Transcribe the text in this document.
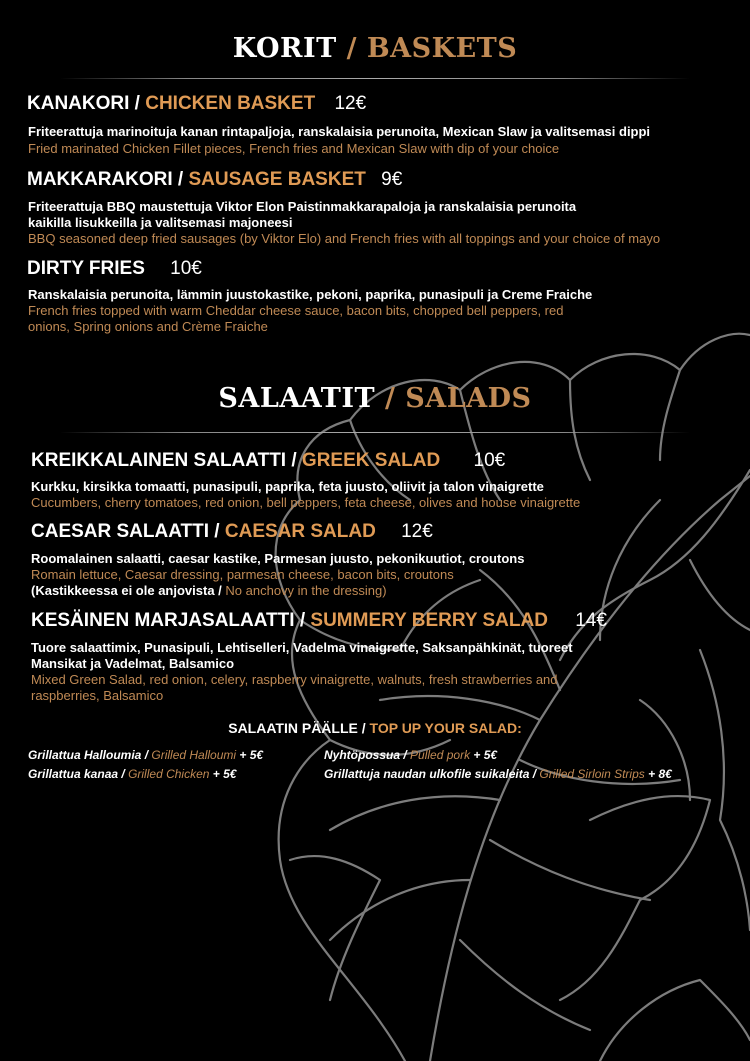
KORIT / BASKETS
KANAKORI / CHICKEN BASKET 12€
Friteerattuja marinoituja kanan rintapaljoja, ranskalaisia perunoita, Mexican Slaw ja valitsemasi dippi
Fried marinated Chicken Fillet pieces, French fries and Mexican Slaw with dip of your choice
MAKKARAKORI / SAUSAGE BASKET 9€
Friteerattuja BBQ maustettuja Viktor Elon Paistinmakkarapaloja ja ranskalaisia perunoita
kaikilla lisukkeilla ja valitsemasi majoneesi
BBQ seasoned deep fried sausages (by Viktor Elo) and French fries with all toppings and your choice of mayo
DIRTY FRIES 10€
Ranskalaisia perunoita, lämmin juustokastike, pekoni, paprika, punasipuli ja Creme Fraiche
French fries topped with warm Cheddar cheese sauce, bacon bits, chopped bell peppers, red
onions, Spring onions and Crème Fraiche
SALAATIT / SALADS
KREIKKALAINEN SALAATTI / GREEK SALAD 10€
Kurkku, kirsikka tomaatti, punasipuli, paprika, feta juusto, oliivit ja talon vinaigrette
Cucumbers, cherry tomatoes, red onion, bell peppers, feta cheese, olives and house vinaigrette
CAESAR SALAATTI / CAESAR SALAD 12€
Roomalainen salaatti, caesar kastike, Parmesan juusto, pekonikuutiot, croutons
Romain lettuce, Caesar dressing, parmesan cheese, bacon bits, croutons
(Kastikkeessa ei ole anjovista / No anchovy in the dressing)
KESÄINEN MARJASALAATTI / SUMMERY BERRY SALAD 14€
Tuore salaattimix, Punasipuli, Lehtiselleri, Vadelma vinaigrette, Saksanpähkinät, tuoreet
Mansikat ja Vadelmat, Balsamico
Mixed Green Salad, red onion, celery, raspberry vinaigrette, walnuts, fresh strawberries and
raspberries, Balsamico
SALAATIN PÄÄLLE / TOP UP YOUR SALAD:
Grillattua Halloumia / Grilled Halloumi + 5€
Grillattua kanaa / Grilled Chicken + 5€
Nyhtöpossua / Pulled pork + 5€
Grillattuja naudan ulkofile suikaleita / Grilled Sirloin Strips + 8€
